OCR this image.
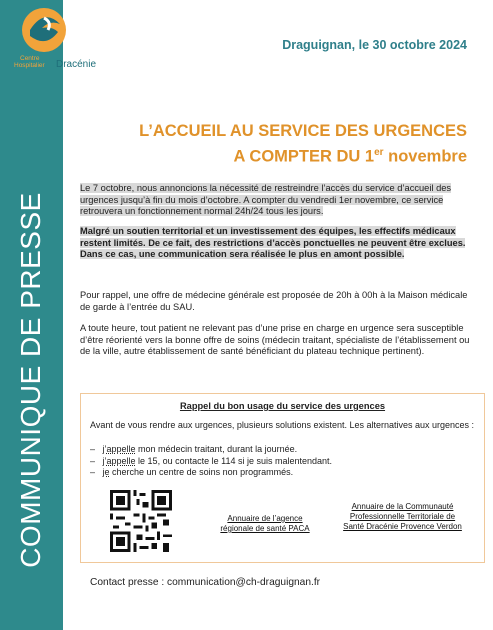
Centre
Hospitalier Dracénie
COMMUNIQUE DE PRESSE
Draguignan, le 30 octobre 2024
L’ACCUEIL AU SERVICE DES URGENCES
A COMPTER DU 1er novembre
Le 7 octobre, nous annoncions la nécessité de restreindre l’accès du service d’accueil des urgences jusqu’à fin du mois d’octobre. A compter du vendredi 1er novembre, ce service retrouvera un fonctionnement normal 24h/24 tous les jours.
Malgré un soutien territorial et un investissement des équipes, les effectifs médicaux restent limités. De ce fait, des restrictions d’accès ponctuelles ne peuvent être exclues. Dans ce cas, une communication sera réalisée le plus en amont possible.
Pour rappel, une offre de médecine générale est proposée de 20h à 00h à la Maison médicale de garde à l’entrée du SAU.
A toute heure, tout patient ne relevant pas d’une prise en charge en urgence sera susceptible d’être réorienté vers la bonne offre de soins (médecin traitant, spécialiste de l’établissement ou de la ville, autre établissement de santé bénéficiant du plateau technique pertinent).
Rappel du bon usage du service des urgences
Avant de vous rendre aux urgences, plusieurs solutions existent. Les alternatives aux urgences :
–   j’appelle mon médecin traitant, durant la journée.
–   j’appelle le 15, ou contacte le 114 si je suis malentendant.
–   je cherche un centre de soins non programmés.
Annuaire de l’agence régionale de santé PACA
Annuaire de la Communauté Professionnelle Territoriale de Santé Dracénie Provence Verdon
Contact presse : communication@ch-draguignan.fr
